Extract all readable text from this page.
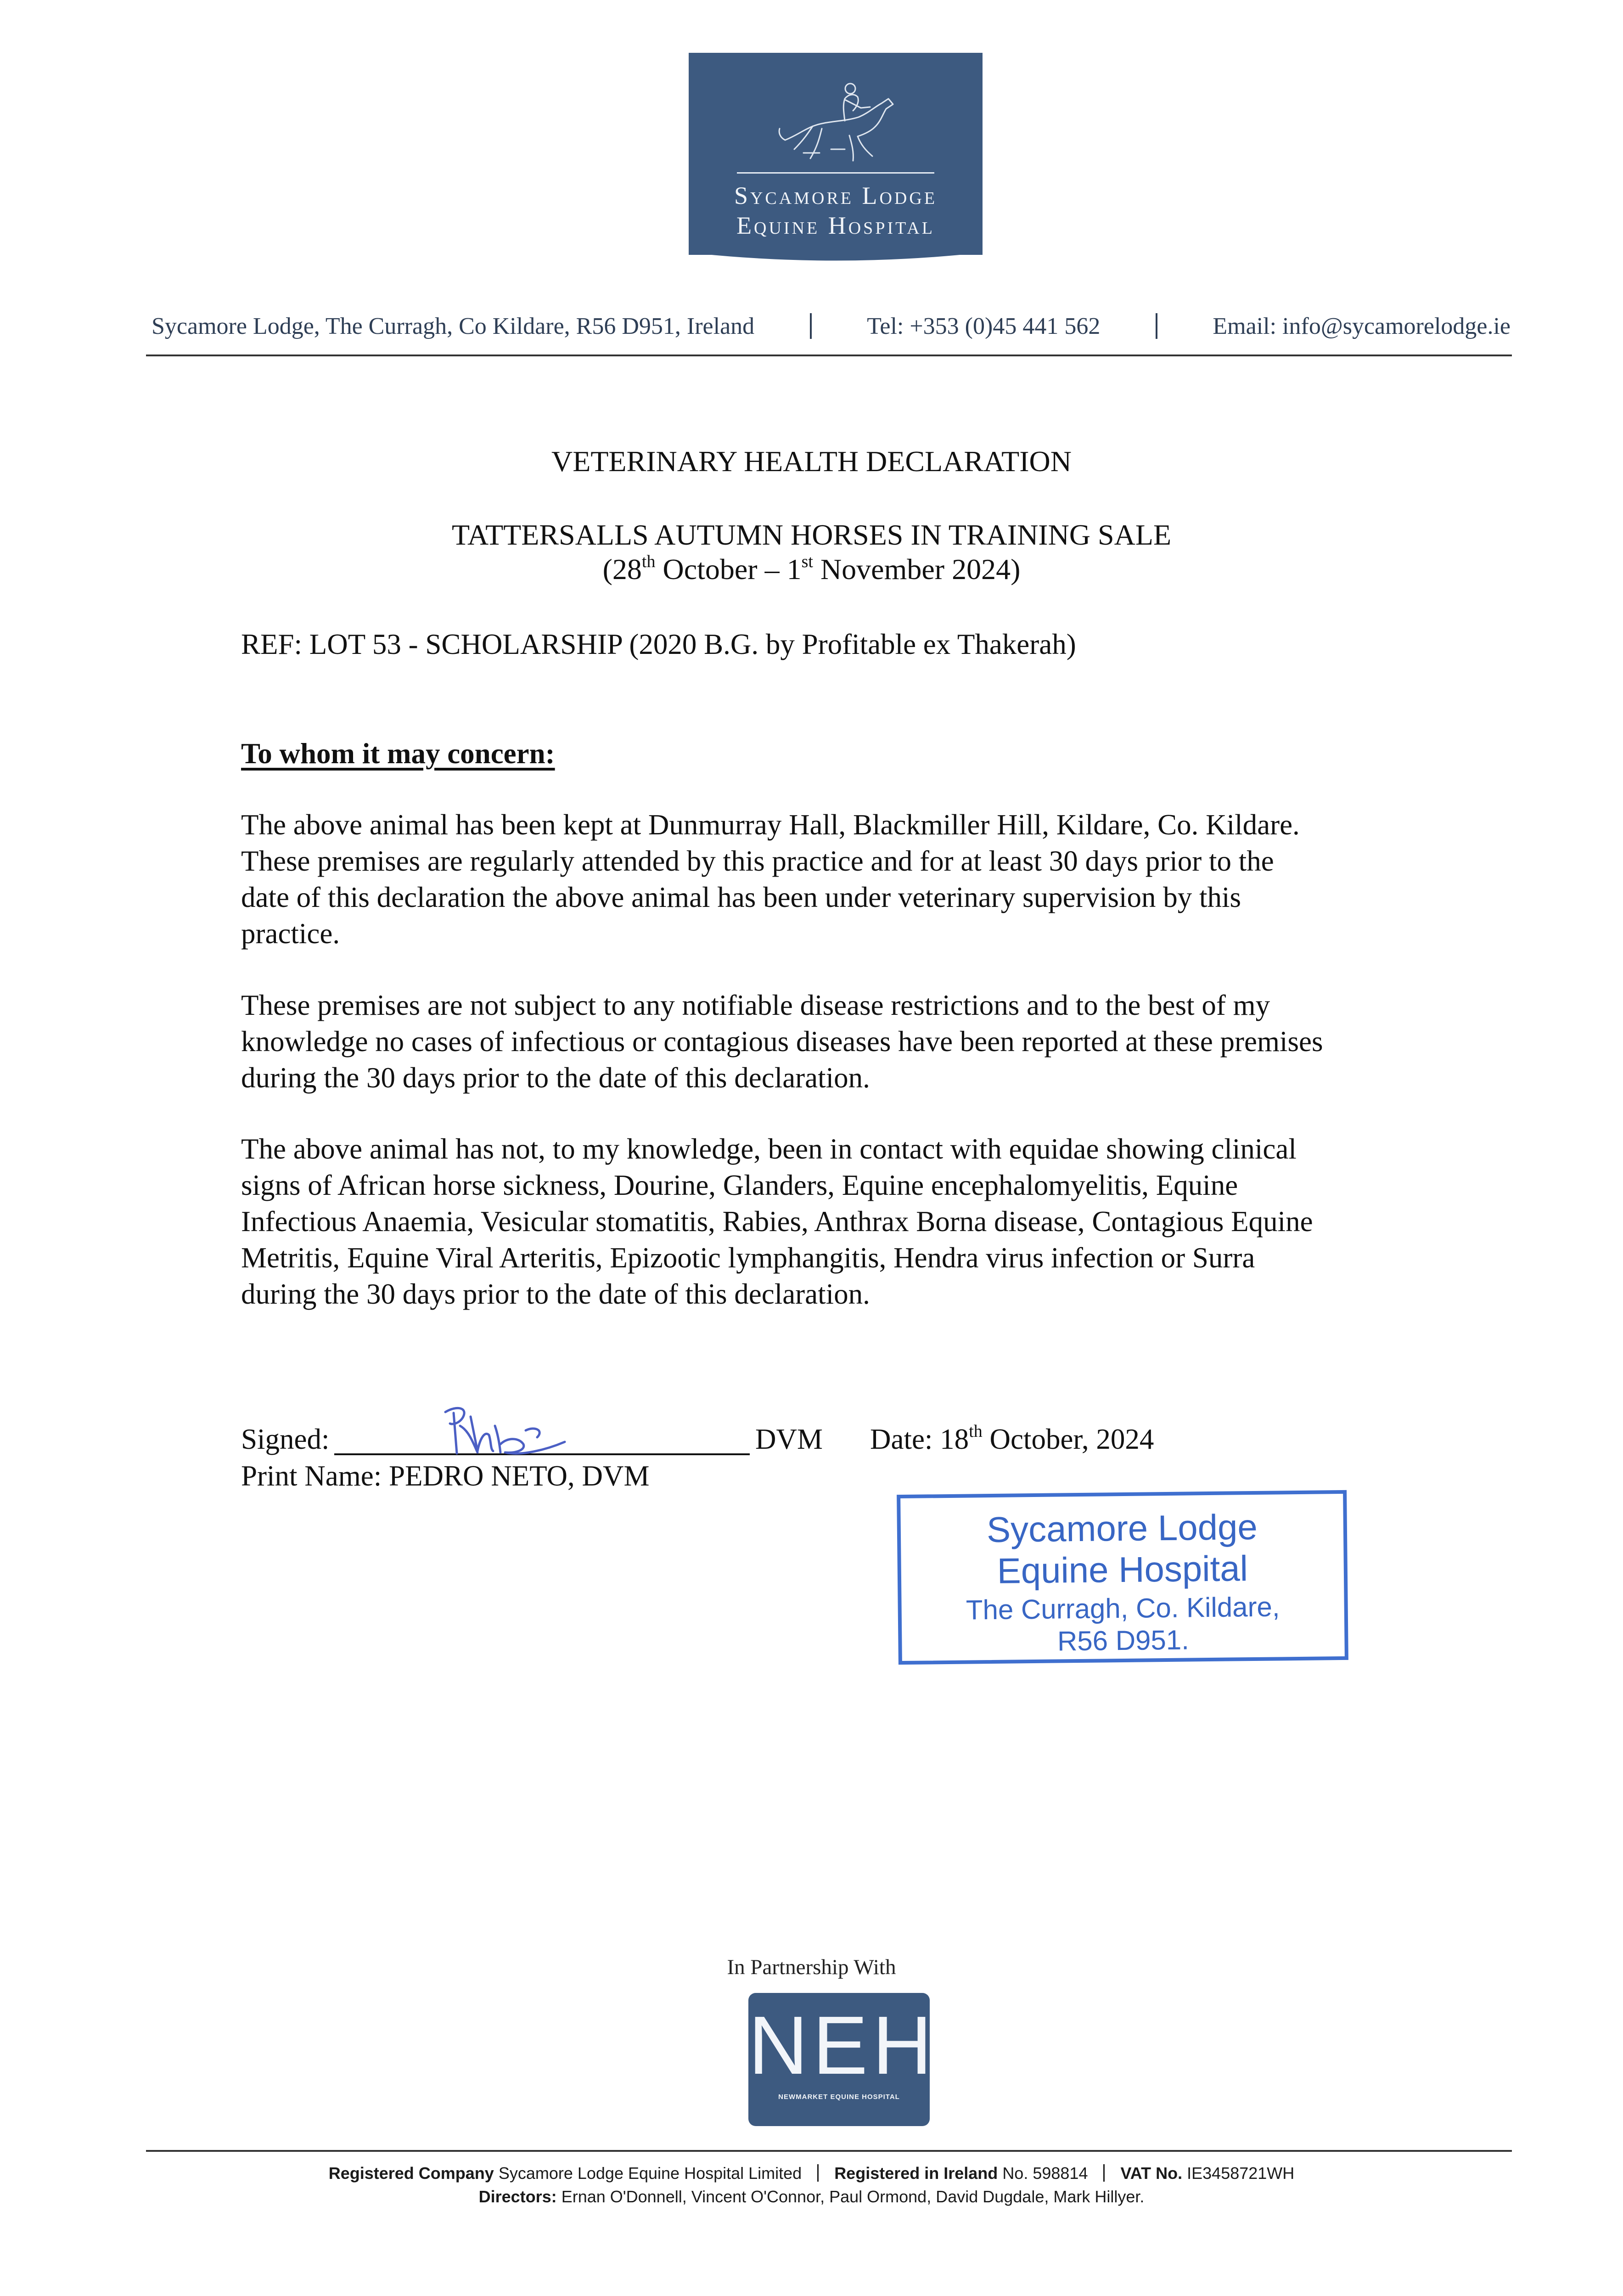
Sycamore Lodge
Equine Hospital
Sycamore Lodge, The Curragh, Co Kildare, R56 D951, Ireland	Tel: +353 (0)45 441 562	Email: info@sycamorelodge.ie
VETERINARY HEALTH DECLARATION
TATTERSALLS AUTUMN HORSES IN TRAINING SALE
(28th October – 1st November 2024)
REF: LOT 53 - SCHOLARSHIP (2020 B.G. by Profitable ex Thakerah)
To whom it may concern:
The above animal has been kept at Dunmurray Hall, Blackmiller Hill, Kildare, Co. Kildare.
These premises are regularly attended by this practice and for at least 30 days prior to the
date of this declaration the above animal has been under veterinary supervision by this
practice.
These premises are not subject to any notifiable disease restrictions and to the best of my
knowledge no cases of infectious or contagious diseases have been reported at these premises
during the 30 days prior to the date of this declaration.
The above animal has not, to my knowledge, been in contact with equidae showing clinical
signs of African horse sickness, Dourine, Glanders, Equine encephalomyelitis, Equine
Infectious Anaemia, Vesicular stomatitis, Rabies, Anthrax Borna disease, Contagious Equine
Metritis, Equine Viral Arteritis, Epizootic lymphangitis, Hendra virus infection or Surra
during the 30 days prior to the date of this declaration.
Signed:	DVM Date: 18th October, 2024
Print Name: PEDRO NETO, DVM
Sycamore Lodge
Equine Hospital
The Curragh, Co. Kildare,
R56 D951.
In Partnership With
NEH
NEWMARKET EQUINE HOSPITAL
Registered Company Sycamore Lodge Equine Hospital Limited Registered in Ireland No. 598814 VAT No. IE3458721WH
Directors: Ernan O'Donnell, Vincent O'Connor, Paul Ormond, David Dugdale, Mark Hillyer.
